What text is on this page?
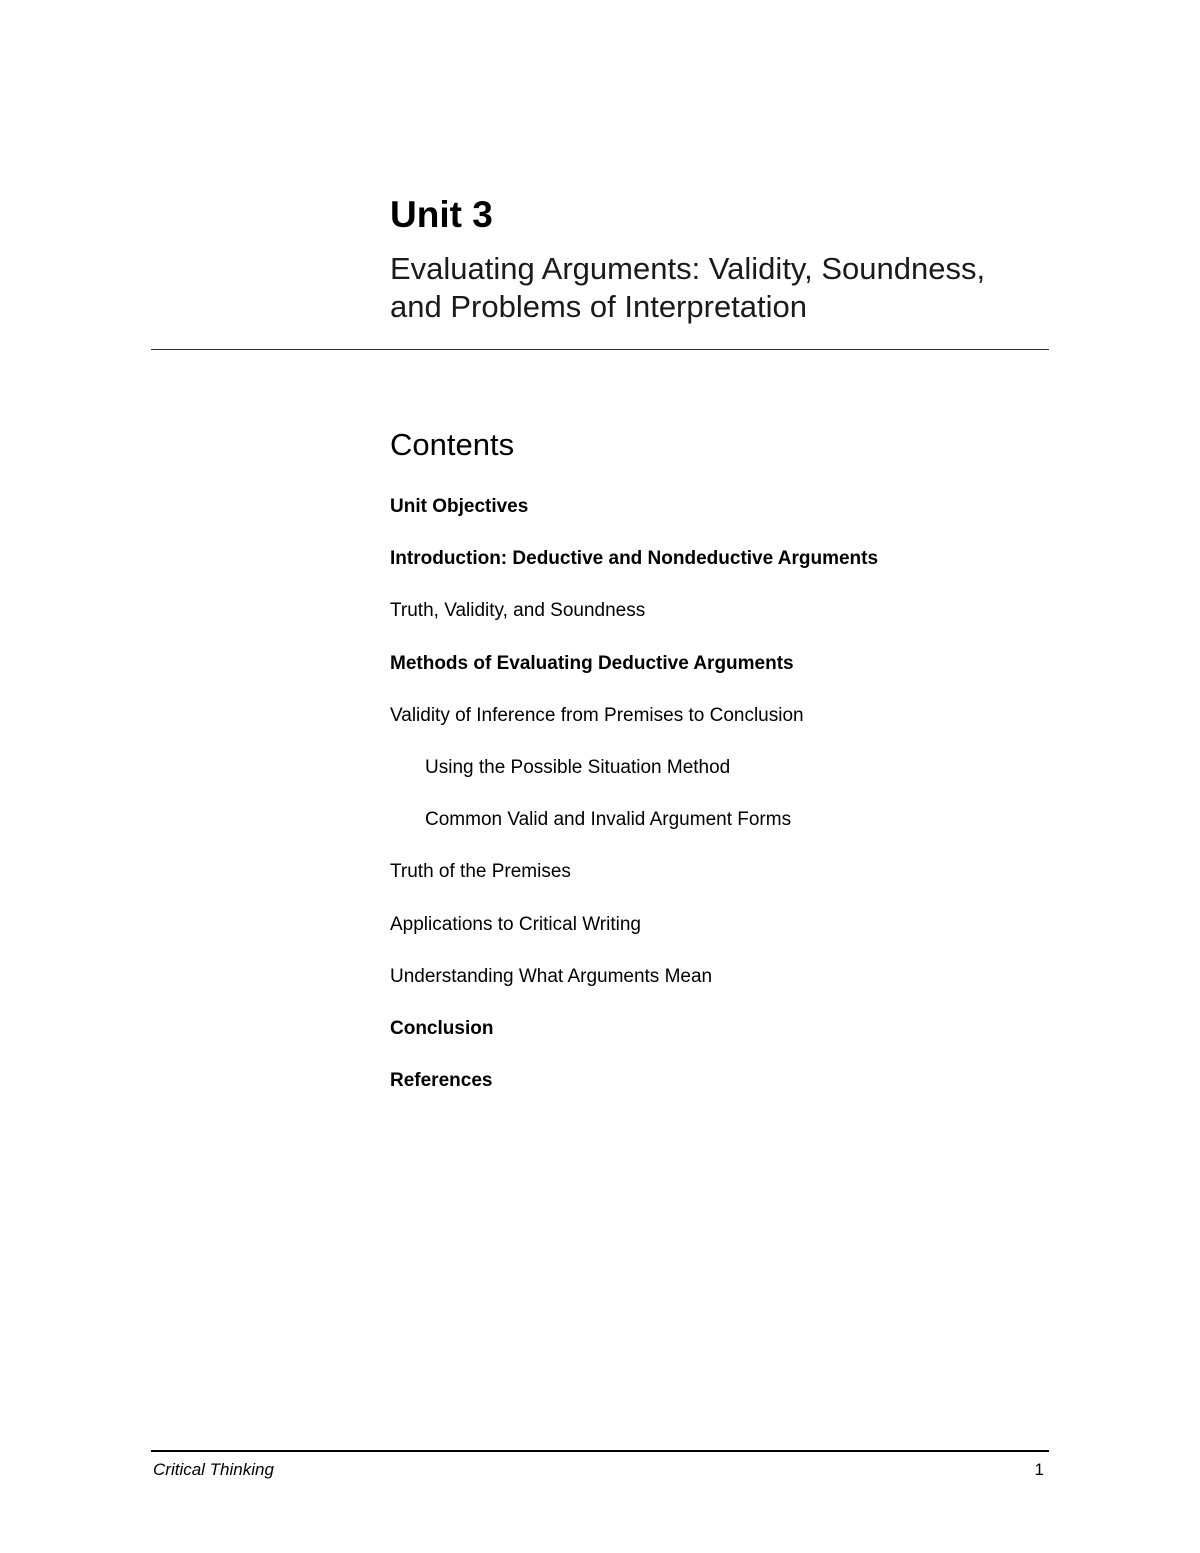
Unit 3
Evaluating Arguments: Validity, Soundness,
and Problems of Interpretation
Contents
Unit Objectives
Introduction: Deductive and Nondeductive Arguments
Truth, Validity, and Soundness
Methods of Evaluating Deductive Arguments
Validity of Inference from Premises to Conclusion
Using the Possible Situation Method
Common Valid and Invalid Argument Forms
Truth of the Premises
Applications to Critical Writing
Understanding What Arguments Mean
Conclusion
References
Critical Thinking	1
